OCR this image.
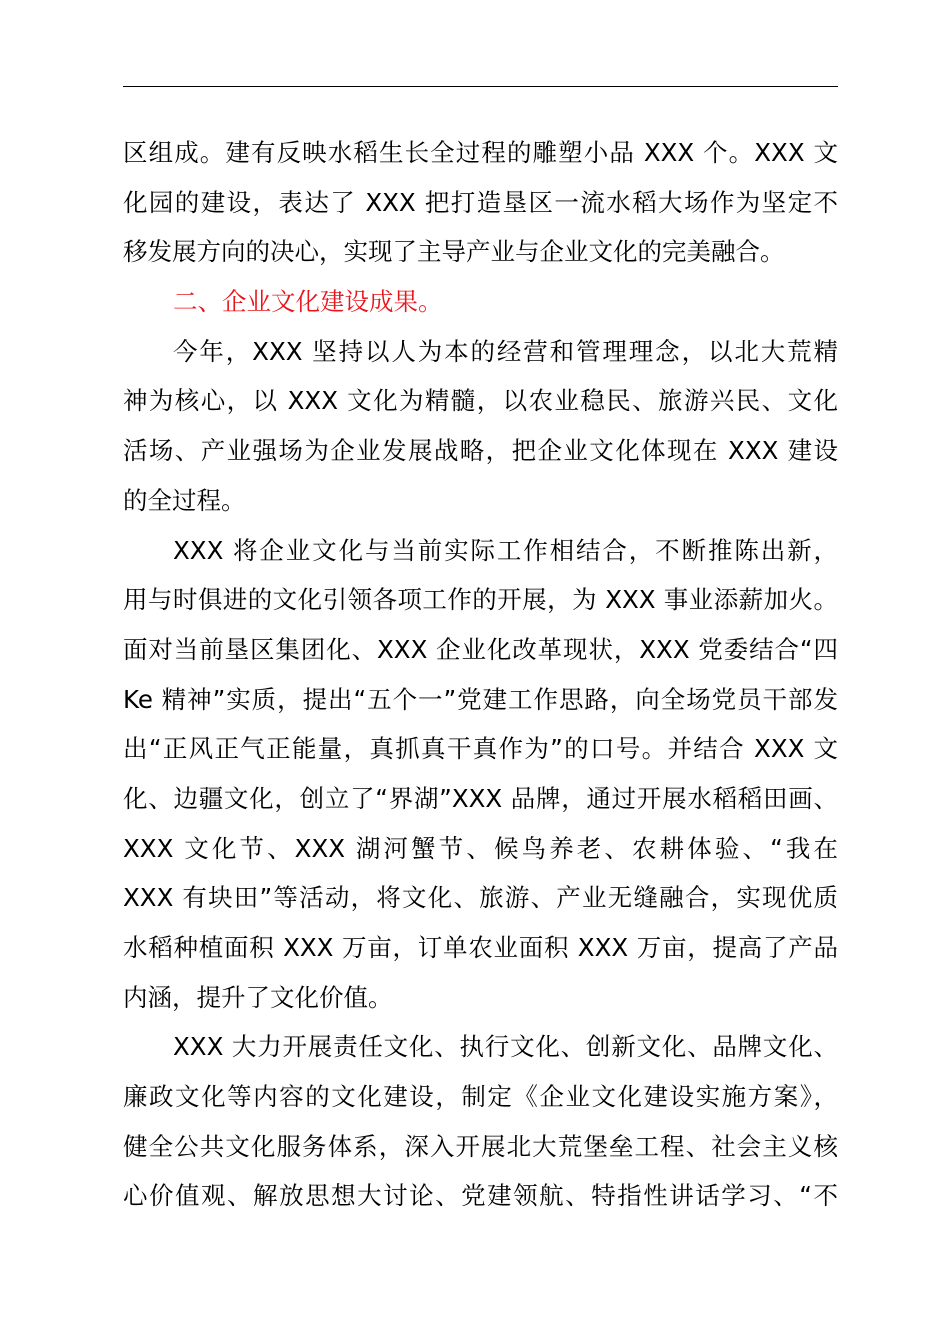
区组成。建有反映水稻生长全过程的雕塑小品 XXX 个。XXX 文
化园的建设，表达了 XXX 把打造垦区一流水稻大场作为坚定不
移发展方向的决心，实现了主导产业与企业文化的完美融合。
二、企业文化建设成果。
今年，XXX 坚持以人为本的经营和管理理念，以北大荒精
神为核心，以 XXX 文化为精髓，以农业稳民、旅游兴民、文化
活场、产业强场为企业发展战略，把企业文化体现在 XXX 建设
的全过程。
XXX 将企业文化与当前实际工作相结合，不断推陈出新，
用与时俱进的文化引领各项工作的开展，为 XXX 事业添薪加火。
面对当前垦区集团化、XXX 企业化改革现状，XXX 党委结合“四
Ke 精神”实质，提出“五个一”党建工作思路，向全场党员干部发
出“正风正气正能量，真抓真干真作为”的口号。并结合 XXX 文
化、边疆文化，创立了“界湖”XXX 品牌，通过开展水稻稻田画、
XXX 文化节、XXX 湖河蟹节、候鸟养老、农耕体验、“我在
XXX 有块田”等活动，将文化、旅游、产业无缝融合，实现优质
水稻种植面积 XXX 万亩，订单农业面积 XXX 万亩，提高了产品
内涵，提升了文化价值。
XXX 大力开展责任文化、执行文化、创新文化、品牌文化、
廉政文化等内容的文化建设，制定《企业文化建设实施方案》，
健全公共文化服务体系，深入开展北大荒堡垒工程、社会主义核
心价值观、解放思想大讨论、党建领航、特指性讲话学习、“不
